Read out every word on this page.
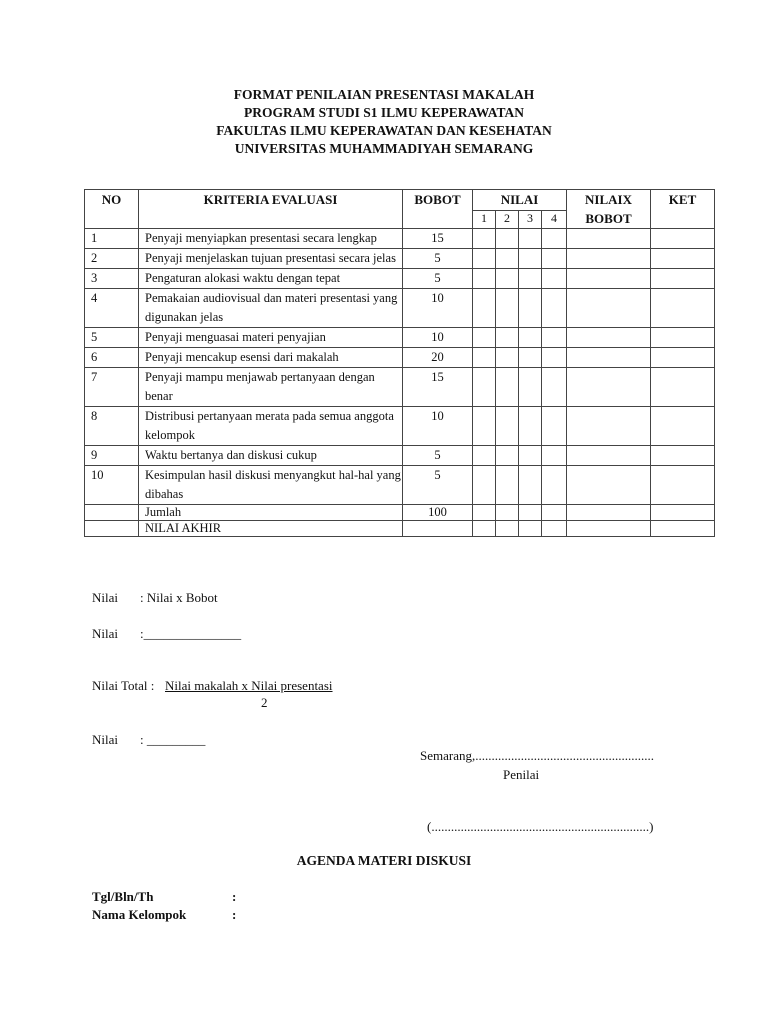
FORMAT PENILAIAN PRESENTASI MAKALAH
PROGRAM STUDI S1 ILMU KEPERAWATAN
FAKULTAS ILMU KEPERAWATAN DAN KESEHATAN
UNIVERSITAS MUHAMMADIYAH SEMARANG
NO	KRITERIA EVALUASI	BOBOT	NILAI				NILAIX BOBOT	KET
			1	2	3	4		
1	Penyaji menyiapkan presentasi secara lengkap	15						
2	Penyaji menjelaskan tujuan presentasi secara jelas	5						
3	Pengaturan alokasi waktu dengan tepat	5						
4	Pemakaian audiovisual dan materi presentasi yang digunakan jelas	10						
5	Penyaji menguasai materi penyajian	10						
6	Penyaji mencakup esensi dari makalah	20						
7	Penyaji mampu menjawab pertanyaan dengan benar	15						
8	Distribusi pertanyaan merata pada semua anggota kelompok	10						
9	Waktu bertanya dan diskusi cukup	5						
10	Kesimpulan hasil diskusi menyangkut hal-hal yang dibahas	5						
	Jumlah	100						
	NILAI AKHIR							
Nilai : Nilai x Bobot
Nilai :_______________
Nilai Total : Nilai makalah x Nilai presentasi
2
Nilai : _________
Semarang,.......................................................
Penilai
(...................................................................)
AGENDA MATERI DISKUSI
Tgl/Bln/Th	:
Nama Kelompok	:
